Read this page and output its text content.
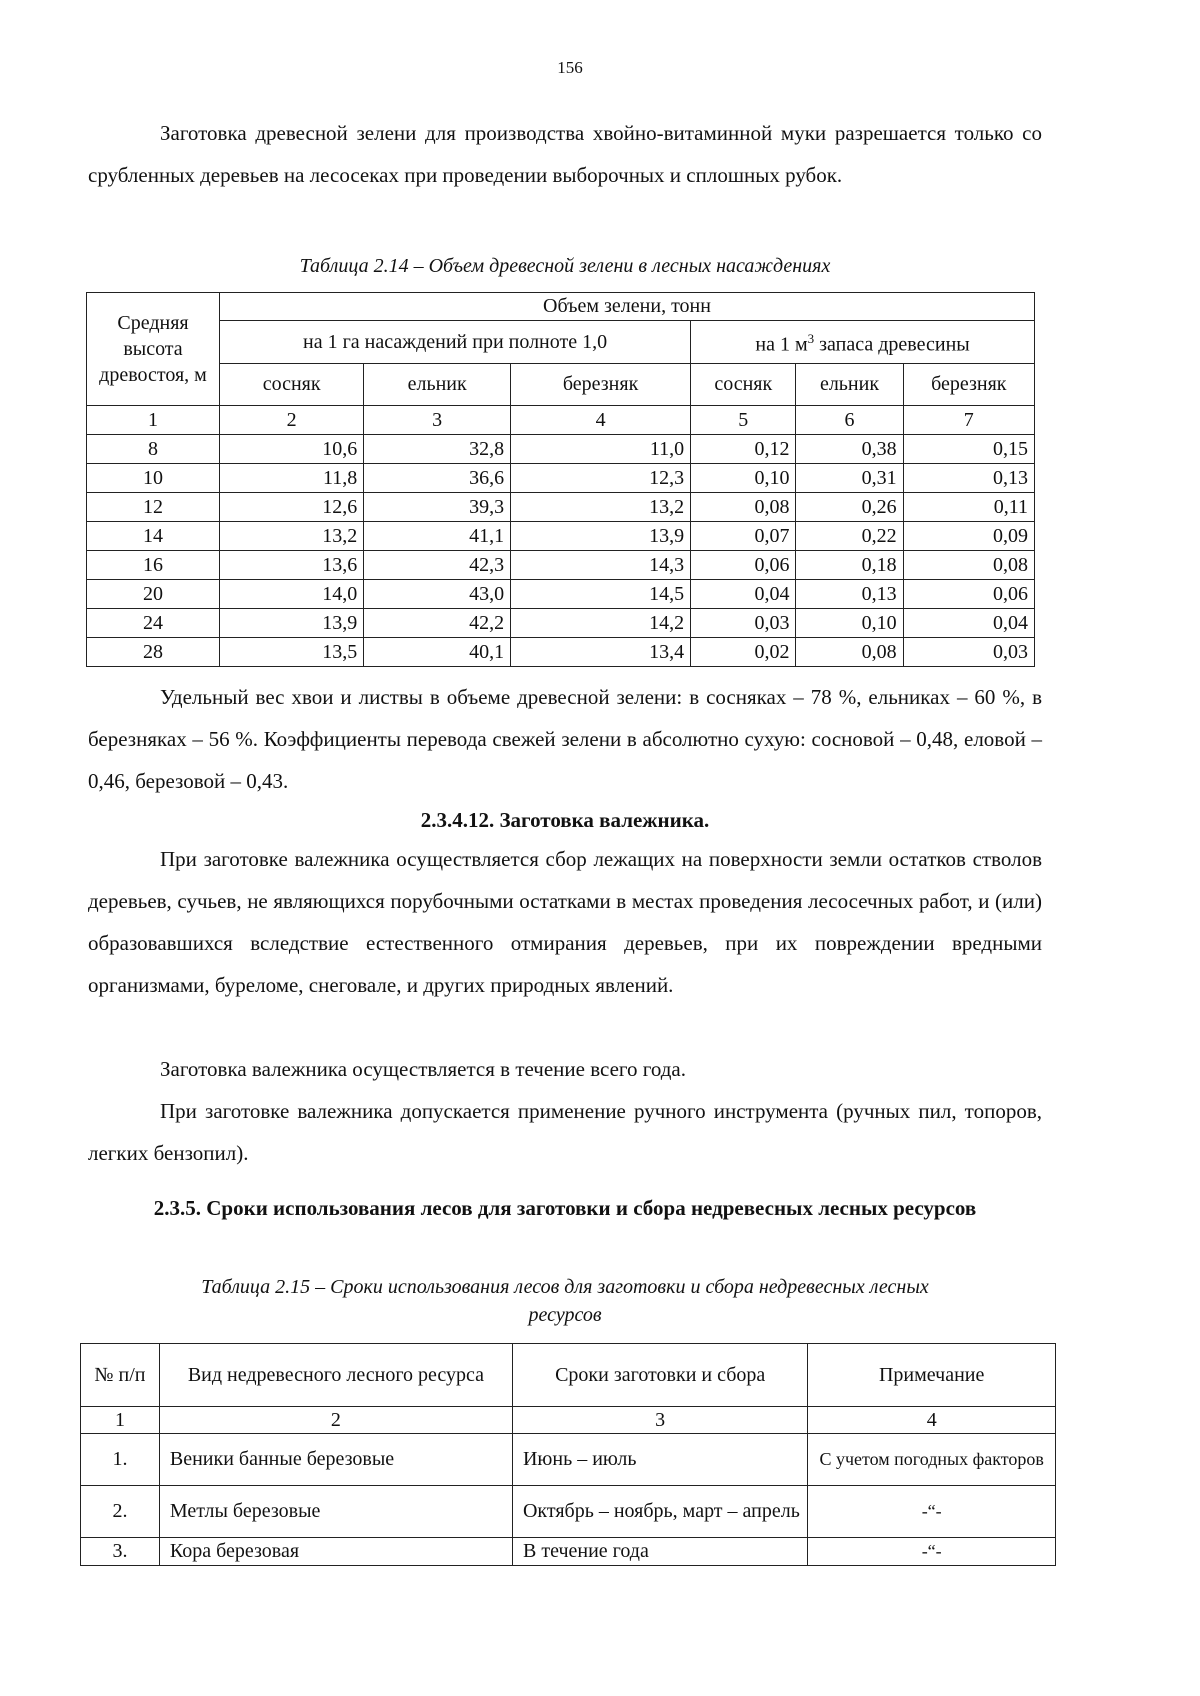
156

Заготовка древесной зелени для производства хвойно-витаминной муки разрешается только со срубленных деревьев на лесосеках при проведении выборочных и сплошных рубок.

Таблица 2.14 – Объем древесной зелени в лесных насаждениях
Средняя высота древостоя, м	Объем зелени, тонн					
	на 1 га насаждений при полноте 1,0			на 1 $м^3$ запаса древесины		
	сосняк	ельник	березняк	сосняк	ельник	березняк
1	2	3	4	5	6	7
8	10,6	32,8	11,0	0,12	0,38	0,15
10	11,8	36,6	12,3	0,10	0,31	0,13
12	12,6	39,3	13,2	0,08	0,26	0,11
14	13,2	41,1	13,9	0,07	0,22	0,09
16	13,6	42,3	14,3	0,06	0,18	0,08
20	14,0	43,0	14,5	0,04	0,13	0,06
24	13,9	42,2	14,2	0,03	0,10	0,04
28	13,5	40,1	13,4	0,02	0,08	0,03

Удельный вес хвои и листвы в объеме древесной зелени: в сосняках – 78 %, ельниках – 60 %, в березняках – 56 %. Коэффициенты перевода свежей зелени в абсолютно сухую: сосновой – 0,48, еловой – 0,46, березовой – 0,43.

2.3.4.12. Заготовка валежника.

При заготовке валежника осуществляется сбор лежащих на поверхности земли остатков стволов деревьев, сучьев, не являющихся порубочными остатками в местах проведения лесосечных работ, и (или) образовавшихся вследствие естественного отмирания деревьев, при их повреждении вредными организмами, буреломе, снеговале, и других природных явлений.

Заготовка валежника осуществляется в течение всего года.

При заготовке валежника допускается применение ручного инструмента (ручных пил, топоров, легких бензопил).

2.3.5. Сроки использования лесов для заготовки и сбора недревесных лесных ресурсов
Таблица 2.15 – Сроки использования лесов для заготовки и сбора недревесных лесных ресурсов
№ п/п	Вид недревесного лесного ресурса	Сроки заготовки и сбора	Примечание
1	2	3	4
1.	Веники банные березовые	Июнь – июль	С учетом погодных факторов
2.	Метлы березовые	Октябрь – ноябрь, март – апрель	-“-
3.	Кора березовая	В течение года	-“-
